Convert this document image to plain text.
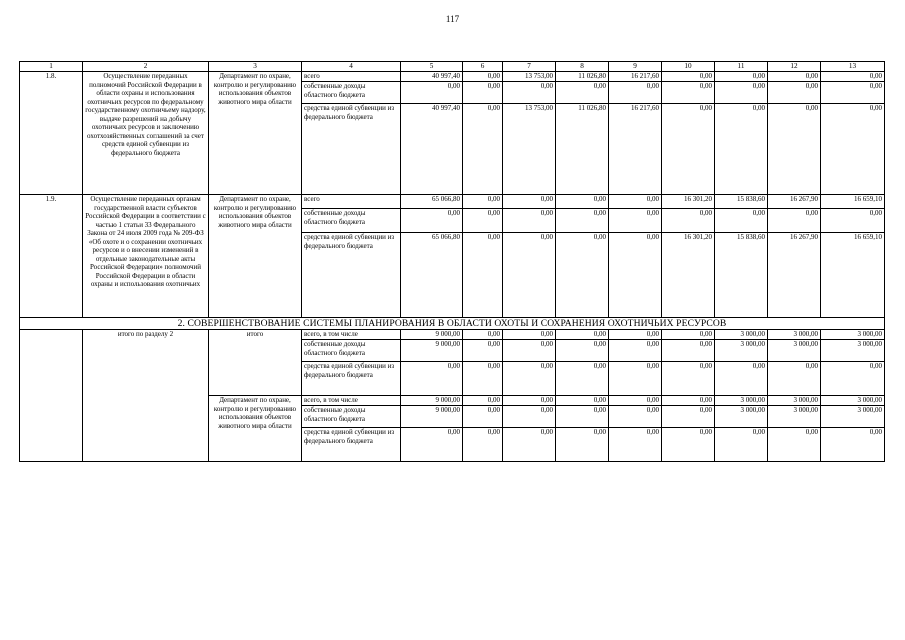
117
1	2	3	4	5	6	7	8	9	10	11	12	13
1.8.	Осуществление переданных полномочий Российской Федерации в области охраны и использования охотничьих ресурсов по федеральному государственному охотничьему надзору, выдаче разрешений на добычу охотничьих ресурсов и заключению охотхозяйственных соглашений за счет средств единой субвенции из федерального бюджета	Департамент по охране, контролю и регулированию использования объектов животного мира области	всего	40 997,40	0,00	13 753,00	11 026,80	16 217,60	0,00	0,00	0,00	0,00
			собственные доходы областного бюджета	0,00	0,00	0,00	0,00	0,00	0,00	0,00	0,00	0,00
			средства единой субвенции из федерального бюджета	40 997,40	0,00	13 753,00	11 026,80	16 217,60	0,00	0,00	0,00	0,00
1.9.	Осуществление переданных органам государственной власти субъектов Российской Федерации в соответствии с частью 1 статьи 33 Федерального Закона от 24 июля 2009 года № 209-ФЗ «Об охоте и о сохранении охотничьих ресурсов и о внесении изменений в отдельные законодательные акты Российской Федерации» полномочий Российской Федерации в области охраны и использования охотничьих	Департамент по охране, контролю и регулированию использования объектов животного мира области	всего	65 066,80	0,00	0,00	0,00	0,00	16 301,20	15 838,60	16 267,90	16 659,10
			собственные доходы областного бюджета	0,00	0,00	0,00	0,00	0,00	0,00	0,00	0,00	0,00
			средства единой субвенции из федерального бюджета	65 066,80	0,00	0,00	0,00	0,00	16 301,20	15 838,60	16 267,90	16 659,10
2. СОВЕРШЕНСТВОВАНИЕ СИСТЕМЫ ПЛАНИРОВАНИЯ В ОБЛАСТИ ОХОТЫ И СОХРАНЕНИЯ ОХОТНИЧЬИХ РЕСУРСОВ												
	итого по разделу 2	итого	всего, в том числе	9 000,00	0,00	0,00	0,00	0,00	0,00	3 000,00	3 000,00	3 000,00
			собственные доходы областного бюджета	9 000,00	0,00	0,00	0,00	0,00	0,00	3 000,00	3 000,00	3 000,00
			средства единой субвенции из федерального бюджета	0,00	0,00	0,00	0,00	0,00	0,00	0,00	0,00	0,00
		Департамент по охране, контролю и регулированию использования объектов животного мира области	всего, в том числе	9 000,00	0,00	0,00	0,00	0,00	0,00	3 000,00	3 000,00	3 000,00
			собственные доходы областного бюджета	9 000,00	0,00	0,00	0,00	0,00	0,00	3 000,00	3 000,00	3 000,00
			средства единой субвенции из федерального бюджета	0,00	0,00	0,00	0,00	0,00	0,00	0,00	0,00	0,00
